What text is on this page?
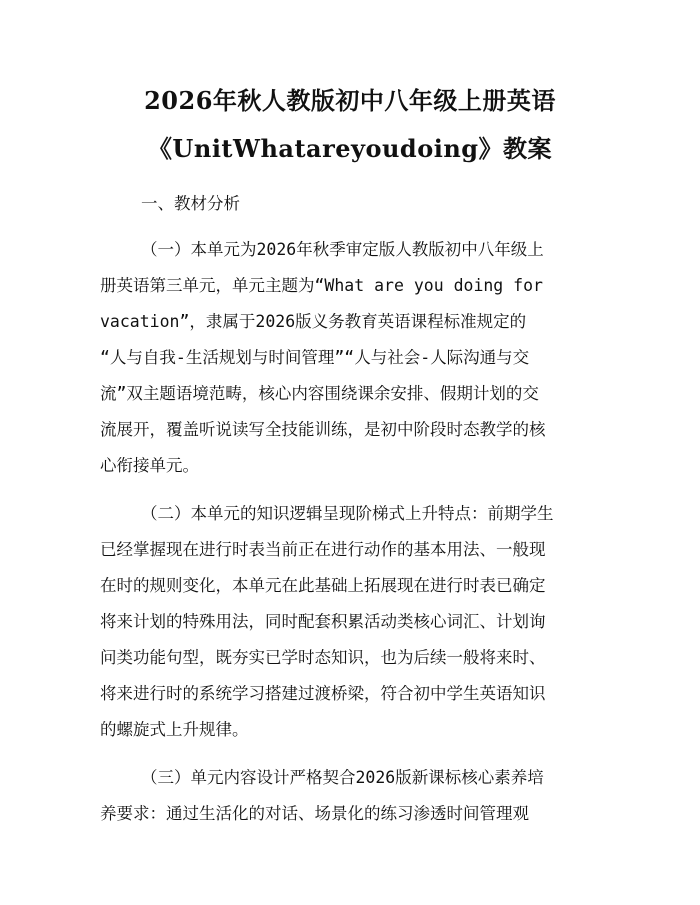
2026年秋人教版初中八年级上册英语
《UnitWhatareyoudoing》教案
一、教材分析
（一）本单元为2026年秋季审定版人教版初中八年级上
册英语第三单元，单元主题为“What are you doing for
vacation”，隶属于2026版义务教育英语课程标准规定的
“人与自我-生活规划与时间管理”“人与社会-人际沟通与交
流”双主题语境范畴，核心内容围绕课余安排、假期计划的交
流展开，覆盖听说读写全技能训练，是初中阶段时态教学的核
心衔接单元。
（二）本单元的知识逻辑呈现阶梯式上升特点：前期学生
已经掌握现在进行时表当前正在进行动作的基本用法、一般现
在时的规则变化，本单元在此基础上拓展现在进行时表已确定
将来计划的特殊用法，同时配套积累活动类核心词汇、计划询
问类功能句型，既夯实已学时态知识，也为后续一般将来时、
将来进行时的系统学习搭建过渡桥梁，符合初中学生英语知识
的螺旋式上升规律。
（三）单元内容设计严格契合2026版新课标核心素养培
养要求：通过生活化的对话、场景化的练习渗透时间管理观
